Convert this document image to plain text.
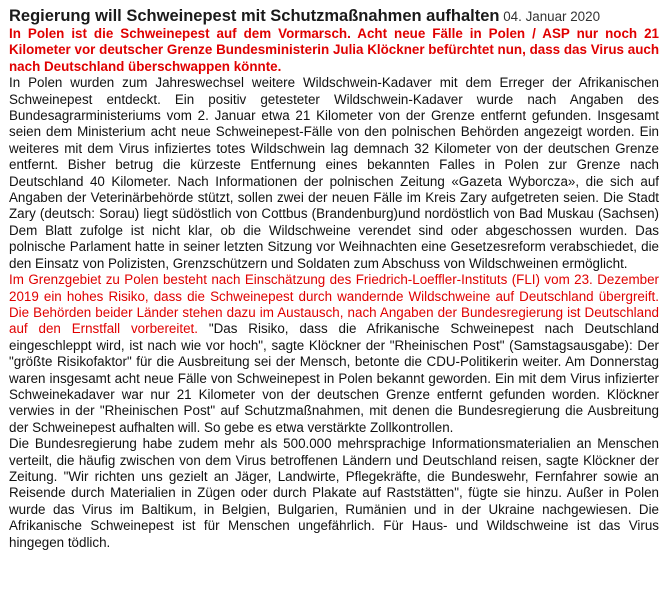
Regierung will Schweinepest mit Schutzmaßnahmen aufhalten 04. Januar 2020

In Polen ist die Schweinepest auf dem Vormarsch. Acht neue Fälle in Polen / ASP nur noch 21 Kilometer vor deutscher Grenze Bundesministerin Julia Klöckner befürchtet nun, dass das Virus auch nach Deutschland überschwappen könnte.

In Polen wurden zum Jahreswechsel weitere Wildschwein-Kadaver mit dem Erreger der Afrikanischen Schweinepest entdeckt. Ein positiv getesteter Wildschwein-Kadaver wurde nach Angaben des Bundesagrarministeriums vom 2. Januar etwa 21 Kilometer von der Grenze entfernt gefunden. Insgesamt seien dem Ministerium acht neue Schweinepest-Fälle von den polnischen Behörden angezeigt worden. Ein weiteres mit dem Virus infiziertes totes Wildschwein lag demnach 32 Kilometer von der deutschen Grenze entfernt. Bisher betrug die kürzeste Entfernung eines bekannten Falles in Polen zur Grenze nach Deutschland 40 Kilometer. Nach Informationen der polnischen Zeitung «Gazeta Wyborcza», die sich auf Angaben der Veterinärbehörde stützt, sollen zwei der neuen Fälle im Kreis Zary aufgetreten seien. Die Stadt Zary (deutsch: Sorau) liegt südöstlich von Cottbus (Brandenburg)und nordöstlich von Bad Muskau (Sachsen) Dem Blatt zufolge ist nicht klar, ob die Wildschweine verendet sind oder abgeschossen wurden. Das polnische Parlament hatte in seiner letzten Sitzung vor Weihnachten eine Gesetzesreform verabschiedet, die den Einsatz von Polizisten, Grenzschützern und Soldaten zum Abschuss von Wildschweinen ermöglicht.

Im Grenzgebiet zu Polen besteht nach Einschätzung des Friedrich-Loeffler-Instituts (FLI) vom 23. Dezember 2019 ein hohes Risiko, dass die Schweinepest durch wandernde Wildschweine auf Deutschland übergreift. Die Behörden beider Länder stehen dazu im Austausch, nach Angaben der Bundesregierung ist Deutschland auf den Ernstfall vorbereitet. "Das Risiko, dass die Afrikanische Schweinepest nach Deutschland eingeschleppt wird, ist nach wie vor hoch", sagte Klöckner der "Rheinischen Post" (Samstagsausgabe): Der "größte Risikofaktor" für die Ausbreitung sei der Mensch, betonte die CDU-Politikerin weiter. Am Donnerstag waren insgesamt acht neue Fälle von Schweinepest in Polen bekannt geworden. Ein mit dem Virus infizierter Schweinekadaver war nur 21 Kilometer von der deutschen Grenze entfernt gefunden worden. Klöckner verwies in der "Rheinischen Post" auf Schutzmaßnahmen, mit denen die Bundesregierung die Ausbreitung der Schweinepest aufhalten will. So gebe es etwa verstärkte Zollkontrollen.

Die Bundesregierung habe zudem mehr als 500.000 mehrsprachige Informationsmaterialien an Menschen verteilt, die häufig zwischen von dem Virus betroffenen Ländern und Deutschland reisen, sagte Klöckner der Zeitung. "Wir richten uns gezielt an Jäger, Landwirte, Pflegekräfte, die Bundeswehr, Fernfahrer sowie an Reisende durch Materialien in Zügen oder durch Plakate auf Raststätten", fügte sie hinzu. Außer in Polen wurde das Virus im Baltikum, in Belgien, Bulgarien, Rumänien und in der Ukraine nachgewiesen. Die Afrikanische Schweinepest ist für Menschen ungefährlich. Für Haus- und Wildschweine ist das Virus hingegen tödlich.
